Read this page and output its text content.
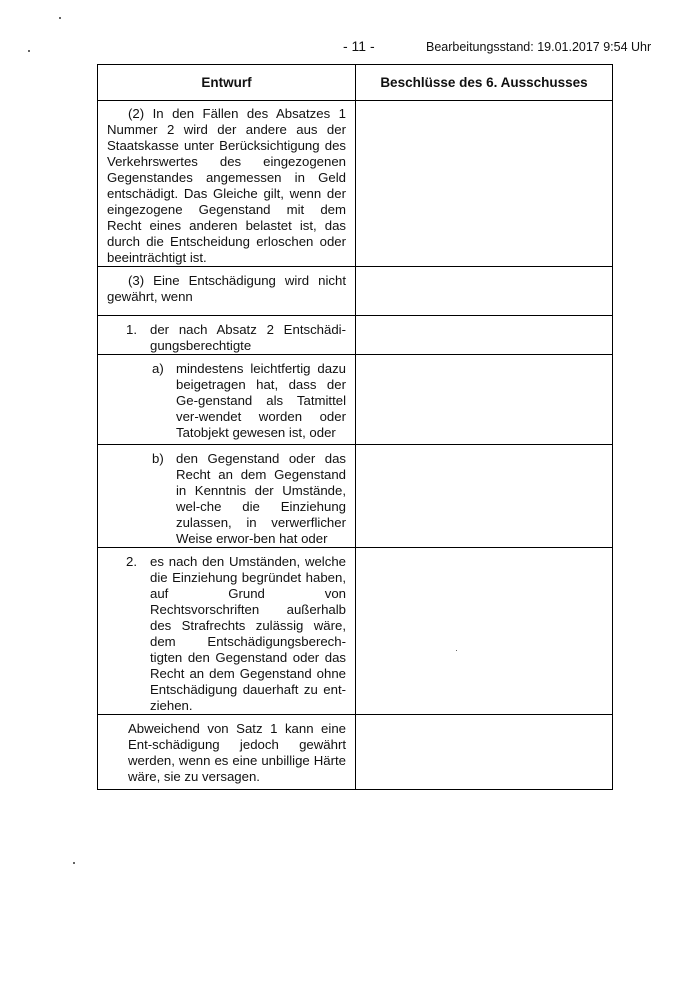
- 11 -	Bearbeitungsstand: 19.01.2017 9:54 Uhr
Entwurf	Beschlüsse des 6. Ausschusses

(2) In den Fällen des Absatzes 1 Nummer 2 wird der andere aus der Staatskasse unter Berücksichtigung des Verkehrswertes des eingezogenen Gegenstandes angemessen in Geld entschädigt. Das Gleiche gilt, wenn der eingezogene Gegenstand mit dem Recht eines anderen belastet ist, das durch die Entscheidung erloschen oder beeinträchtigt ist.	

(3) Eine Entschädigung wird nicht gewährt, wenn	

1. der nach Absatz 2 Entschädi-gungsberechtigte	

a) mindestens leichtfertig dazu beigetragen hat, dass der Ge-genstand als Tatmittel ver-wendet worden oder Tatobjekt gewesen ist, oder	

b) den Gegenstand oder das Recht an dem Gegenstand in Kenntnis der Umstände, wel-che die Einziehung zulassen, in verwerflicher Weise erwor-ben hat oder	

2. es nach den Umständen, welche die Einziehung begründet haben, auf Grund von Rechtsvorschriften außerhalb des Strafrechts zulässig wäre, dem Entschädigungsberech-tigten den Gegenstand oder das Recht an dem Gegenstand ohne Entschädigung dauerhaft zu ent-ziehen.	

Abweichend von Satz 1 kann eine Ent-schädigung jedoch gewährt werden, wenn es eine unbillige Härte wäre, sie zu versagen.	
